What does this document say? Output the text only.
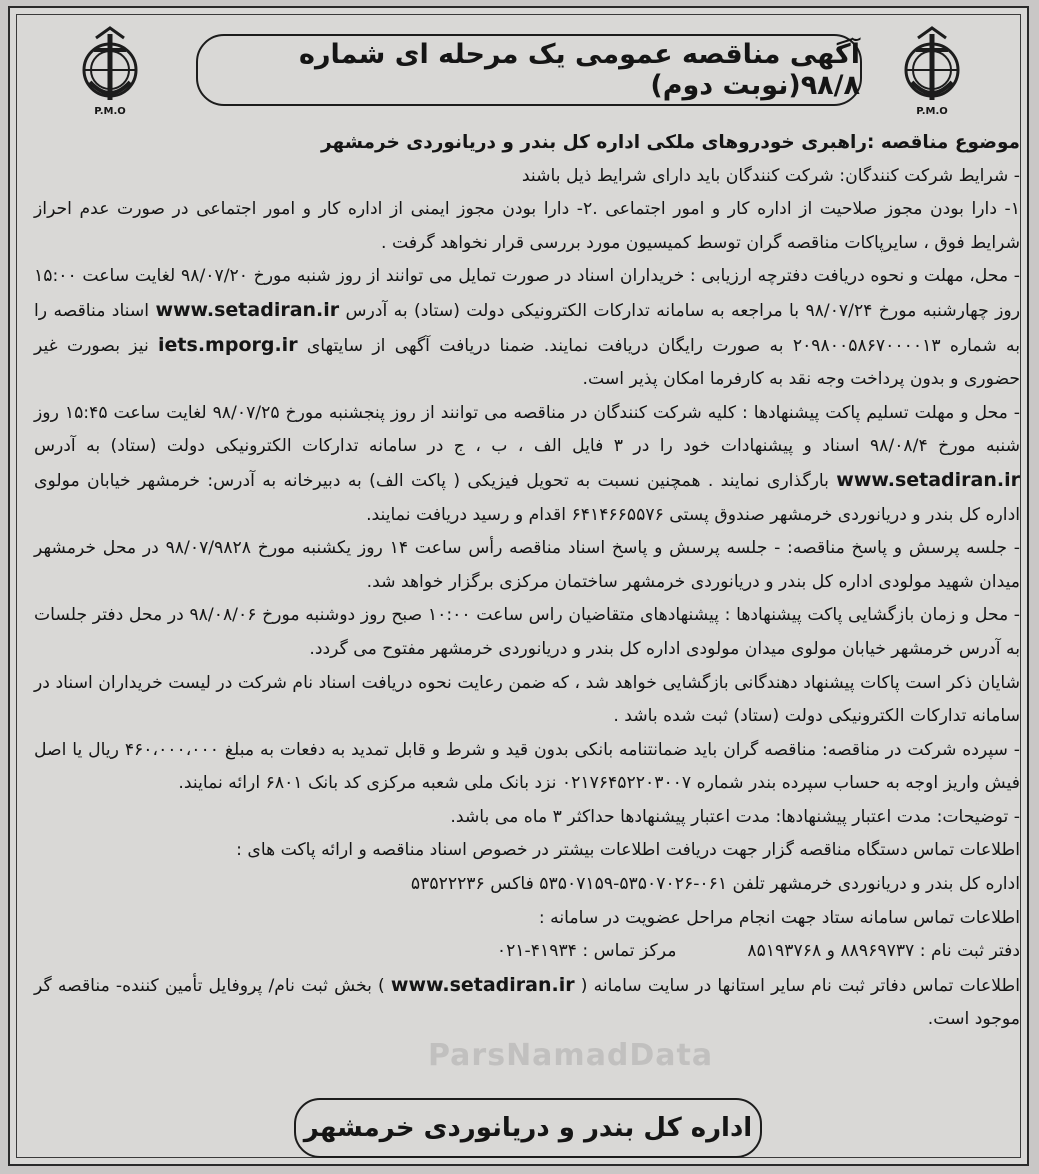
P.M.O	P.M.O
آگهی مناقصه عمومی یک مرحله ای شماره ۹۸/۸(نوبت دوم)

موضوع مناقصه :راهبری خودروهای ملکی اداره کل بندر و دریانوردی خرمشهر

- شرایط شرکت کنندگان: شرکت کنندگان باید دارای شرایط ذیل باشند

۱- دارا بودن مجوز صلاحیت از اداره کار و امور اجتماعی .۲- دارا بودن مجوز ایمنی از اداره کار و امور اجتماعی در صورت عدم احراز شرایط فوق ، سایرپاکات مناقصه گران توسط کمیسیون مورد بررسی قرار نخواهد گرفت .

- محل، مهلت و نحوه دریافت دفترچه ارزیابی : خریداران اسناد در صورت تمایل می توانند از روز شنبه مورخ ۹۸/۰۷/۲۰ لغایت ساعت ۱۵:۰۰ روز چهارشنبه مورخ ۹۸/۰۷/۲۴ با مراجعه به سامانه تدارکات الکترونیکی دولت (ستاد) به آدرس www.setadiran.ir اسناد مناقصه را به شماره ۲۰۹۸۰۰۵۸۶۷۰۰۰۰۱۳ به صورت رایگان دریافت نمایند. ضمنا دریافت آگهی از سایتهای iets.mporg.ir نیز بصورت غیر حضوری و بدون پرداخت وجه نقد به کارفرما امکان پذیر است.

- محل و مهلت تسلیم پاکت پیشنهادها : کلیه شرکت کنندگان در مناقصه می توانند از روز پنجشنبه مورخ ۹۸/۰۷/۲۵ لغایت ساعت ۱۵:۴۵ روز شنبه مورخ ۹۸/۰۸/۴ اسناد و پیشنهادات خود را در ۳ فایل الف ، ب ، ج در سامانه تدارکات الکترونیکی دولت (ستاد) به آدرس www.setadiran.ir بارگذاری نمایند . همچنین نسبت به تحویل فیزیکی ( پاکت الف) به دبیرخانه به آدرس: خرمشهر خیابان مولوی اداره کل بندر و دریانوردی خرمشهر صندوق پستی ۶۴۱۴۶۶۵۵۷۶ اقدام و رسید دریافت نمایند.

- جلسه پرسش و پاسخ مناقصه: - جلسه پرسش و پاسخ اسناد مناقصه رأس ساعت ۱۴ روز یکشنبه مورخ ۹۸/۰۷/۹۸۲۸ در محل خرمشهر میدان شهید مولودی اداره کل بندر و دریانوردی خرمشهر ساختمان مرکزی برگزار خواهد شد.

- محل و زمان بازگشایی پاکت پیشنهادها : پیشنهادهای متقاضیان راس ساعت ۱۰:۰۰ صبح روز دوشنبه مورخ ۹۸/۰۸/۰۶ در محل دفتر جلسات به آدرس خرمشهر خیابان مولوی میدان مولودی اداره کل بندر و دریانوردی خرمشهر مفتوح می گردد.

شایان ذکر است پاکات پیشنهاد دهندگانی بازگشایی خواهد شد ، که ضمن رعایت نحوه دریافت اسناد نام شرکت در لیست خریداران اسناد در سامانه تدارکات الکترونیکی دولت (ستاد) ثبت شده باشد .

- سپرده شرکت در مناقصه: مناقصه گران باید ضمانتنامه بانکی بدون قید و شرط و قابل تمدید به دفعات به مبلغ ۴۶۰،۰۰۰،۰۰۰ ریال یا اصل فیش واریز اوجه به حساب سپرده بندر شماره ۰۲۱۷۶۴۵۲۲۰۳۰۰۷ نزد بانک ملی شعبه مرکزی کد بانک ۶۸۰۱ ارائه نمایند.

- توضیحات: مدت اعتبار پیشنهادها: مدت اعتبار پیشنهادها حداکثر ۳ ماه می باشد.

اطلاعات تماس دستگاه مناقصه گزار جهت دریافت اطلاعات بیشتر در خصوص اسناد مناقصه و ارائه پاکت های :

اداره کل بندر و دریانوردی خرمشهر تلفن ۰۶۱-۵۳۵۰۷۰۲۶-۵۳۵۰۷۱۵۹ فاکس ۵۳۵۲۲۲۳۶

اطلاعات تماس سامانه ستاد جهت انجام مراحل عضویت در سامانه :

دفتر ثبت نام : ۸۸۹۶۹۷۳۷ و ۸۵۱۹۳۷۶۸  مرکز تماس : ۴۱۹۳۴-۰۲۱

اطلاعات تماس دفاتر ثبت نام سایر استانها در سایت سامانه ( www.setadiran.ir ) بخش ثبت نام/ پروفایل تأمین کننده- مناقصه گر موجود است.

ParsNamadData
اداره کل بندر و دریانوردی خرمشهر
